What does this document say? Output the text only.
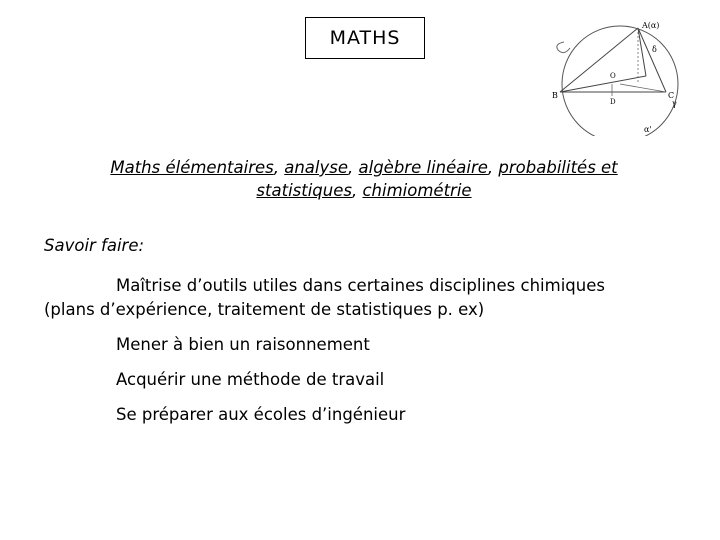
MATHS
A(α)
B	C
D
O
δ
γ
α'
Maths élémentaires, analyse, algèbre linéaire, probabilités et
statistiques, chimiométrie
Savoir faire:
Maîtrise d’outils utiles dans certaines disciplines chimiques
(plans d’expérience, traitement de statistiques p. ex)
Mener à bien un raisonnement
Acquérir une méthode de travail
Se préparer aux écoles d’ingénieur
